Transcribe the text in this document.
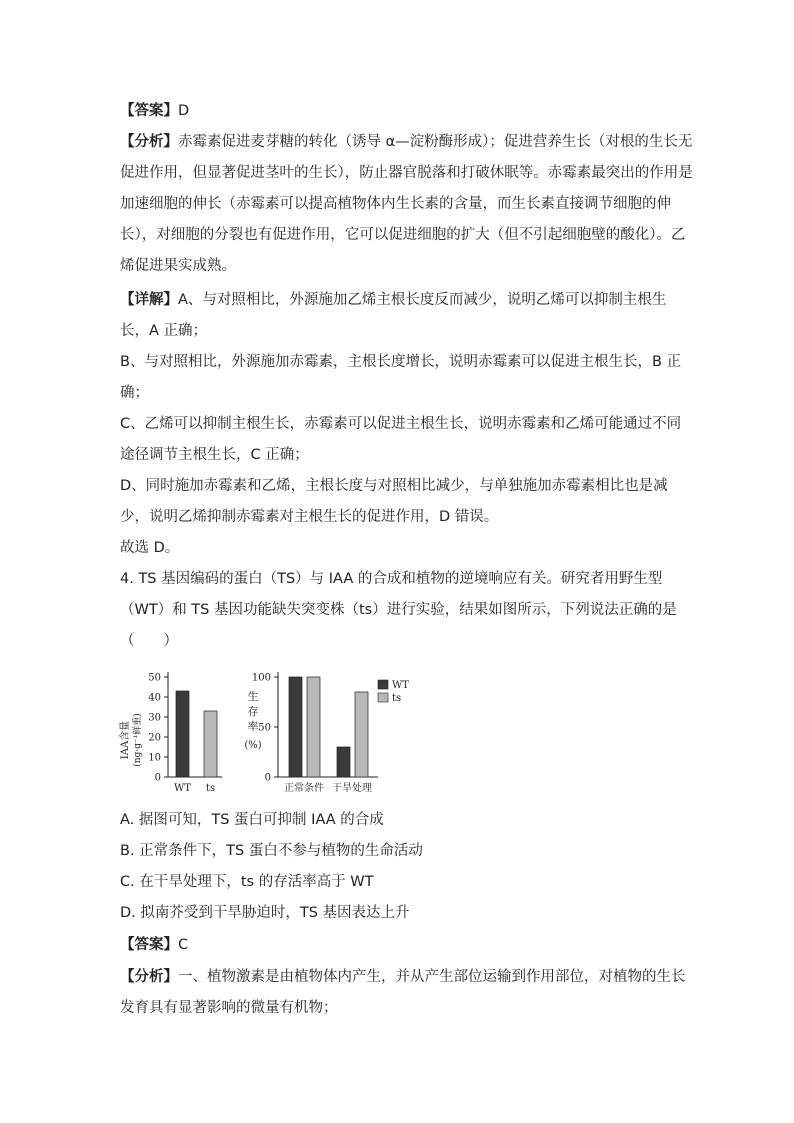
【答案】D
【分析】赤霉素促进麦芽糖的转化（诱导 α—淀粉酶形成）；促进营养生长（对根的生长无
促进作用，但显著促进茎叶的生长），防止器官脱落和打破休眠等。赤霉素最突出的作用是
加速细胞的伸长（赤霉素可以提高植物体内生长素的含量，而生长素直接调节细胞的伸
长），对细胞的分裂也有促进作用，它可以促进细胞的扩大（但不引起细胞壁的酸化）。乙
烯促进果实成熟。
【详解】A、与对照相比，外源施加乙烯主根长度反而减少，说明乙烯可以抑制主根生
长，A 正确；
B、与对照相比，外源施加赤霉素，主根长度增长，说明赤霉素可以促进主根生长，B 正
确；
C、乙烯可以抑制主根生长，赤霉素可以促进主根生长，说明赤霉素和乙烯可能通过不同
途径调节主根生长，C 正确；
D、同时施加赤霉素和乙烯，主根长度与对照相比减少，与单独施加赤霉素相比也是减
少，说明乙烯抑制赤霉素对主根生长的促进作用，D 错误。
故选 D。
4. TS 基因编码的蛋白（TS）与 IAA 的合成和植物的逆境响应有关。研究者用野生型
（WT）和 TS 基因功能缺失突变株（ts）进行实验，结果如图所示，下列说法正确的是
（　　）
IAA含量 (ng·g⁻¹鲜重)
0
10
20
30
40
50
WT ts
生
存
率
(%)
0
50
100
正常条件 干旱处理
WT
ts
A. 据图可知，TS 蛋白可抑制 IAA 的合成
B. 正常条件下，TS 蛋白不参与植物的生命活动
C. 在干旱处理下，ts 的存活率高于 WT
D. 拟南芥受到干旱胁迫时，TS 基因表达上升
【答案】C
【分析】一、植物激素是由植物体内产生，并从产生部位运输到作用部位，对植物的生长
发育具有显著影响的微量有机物；
